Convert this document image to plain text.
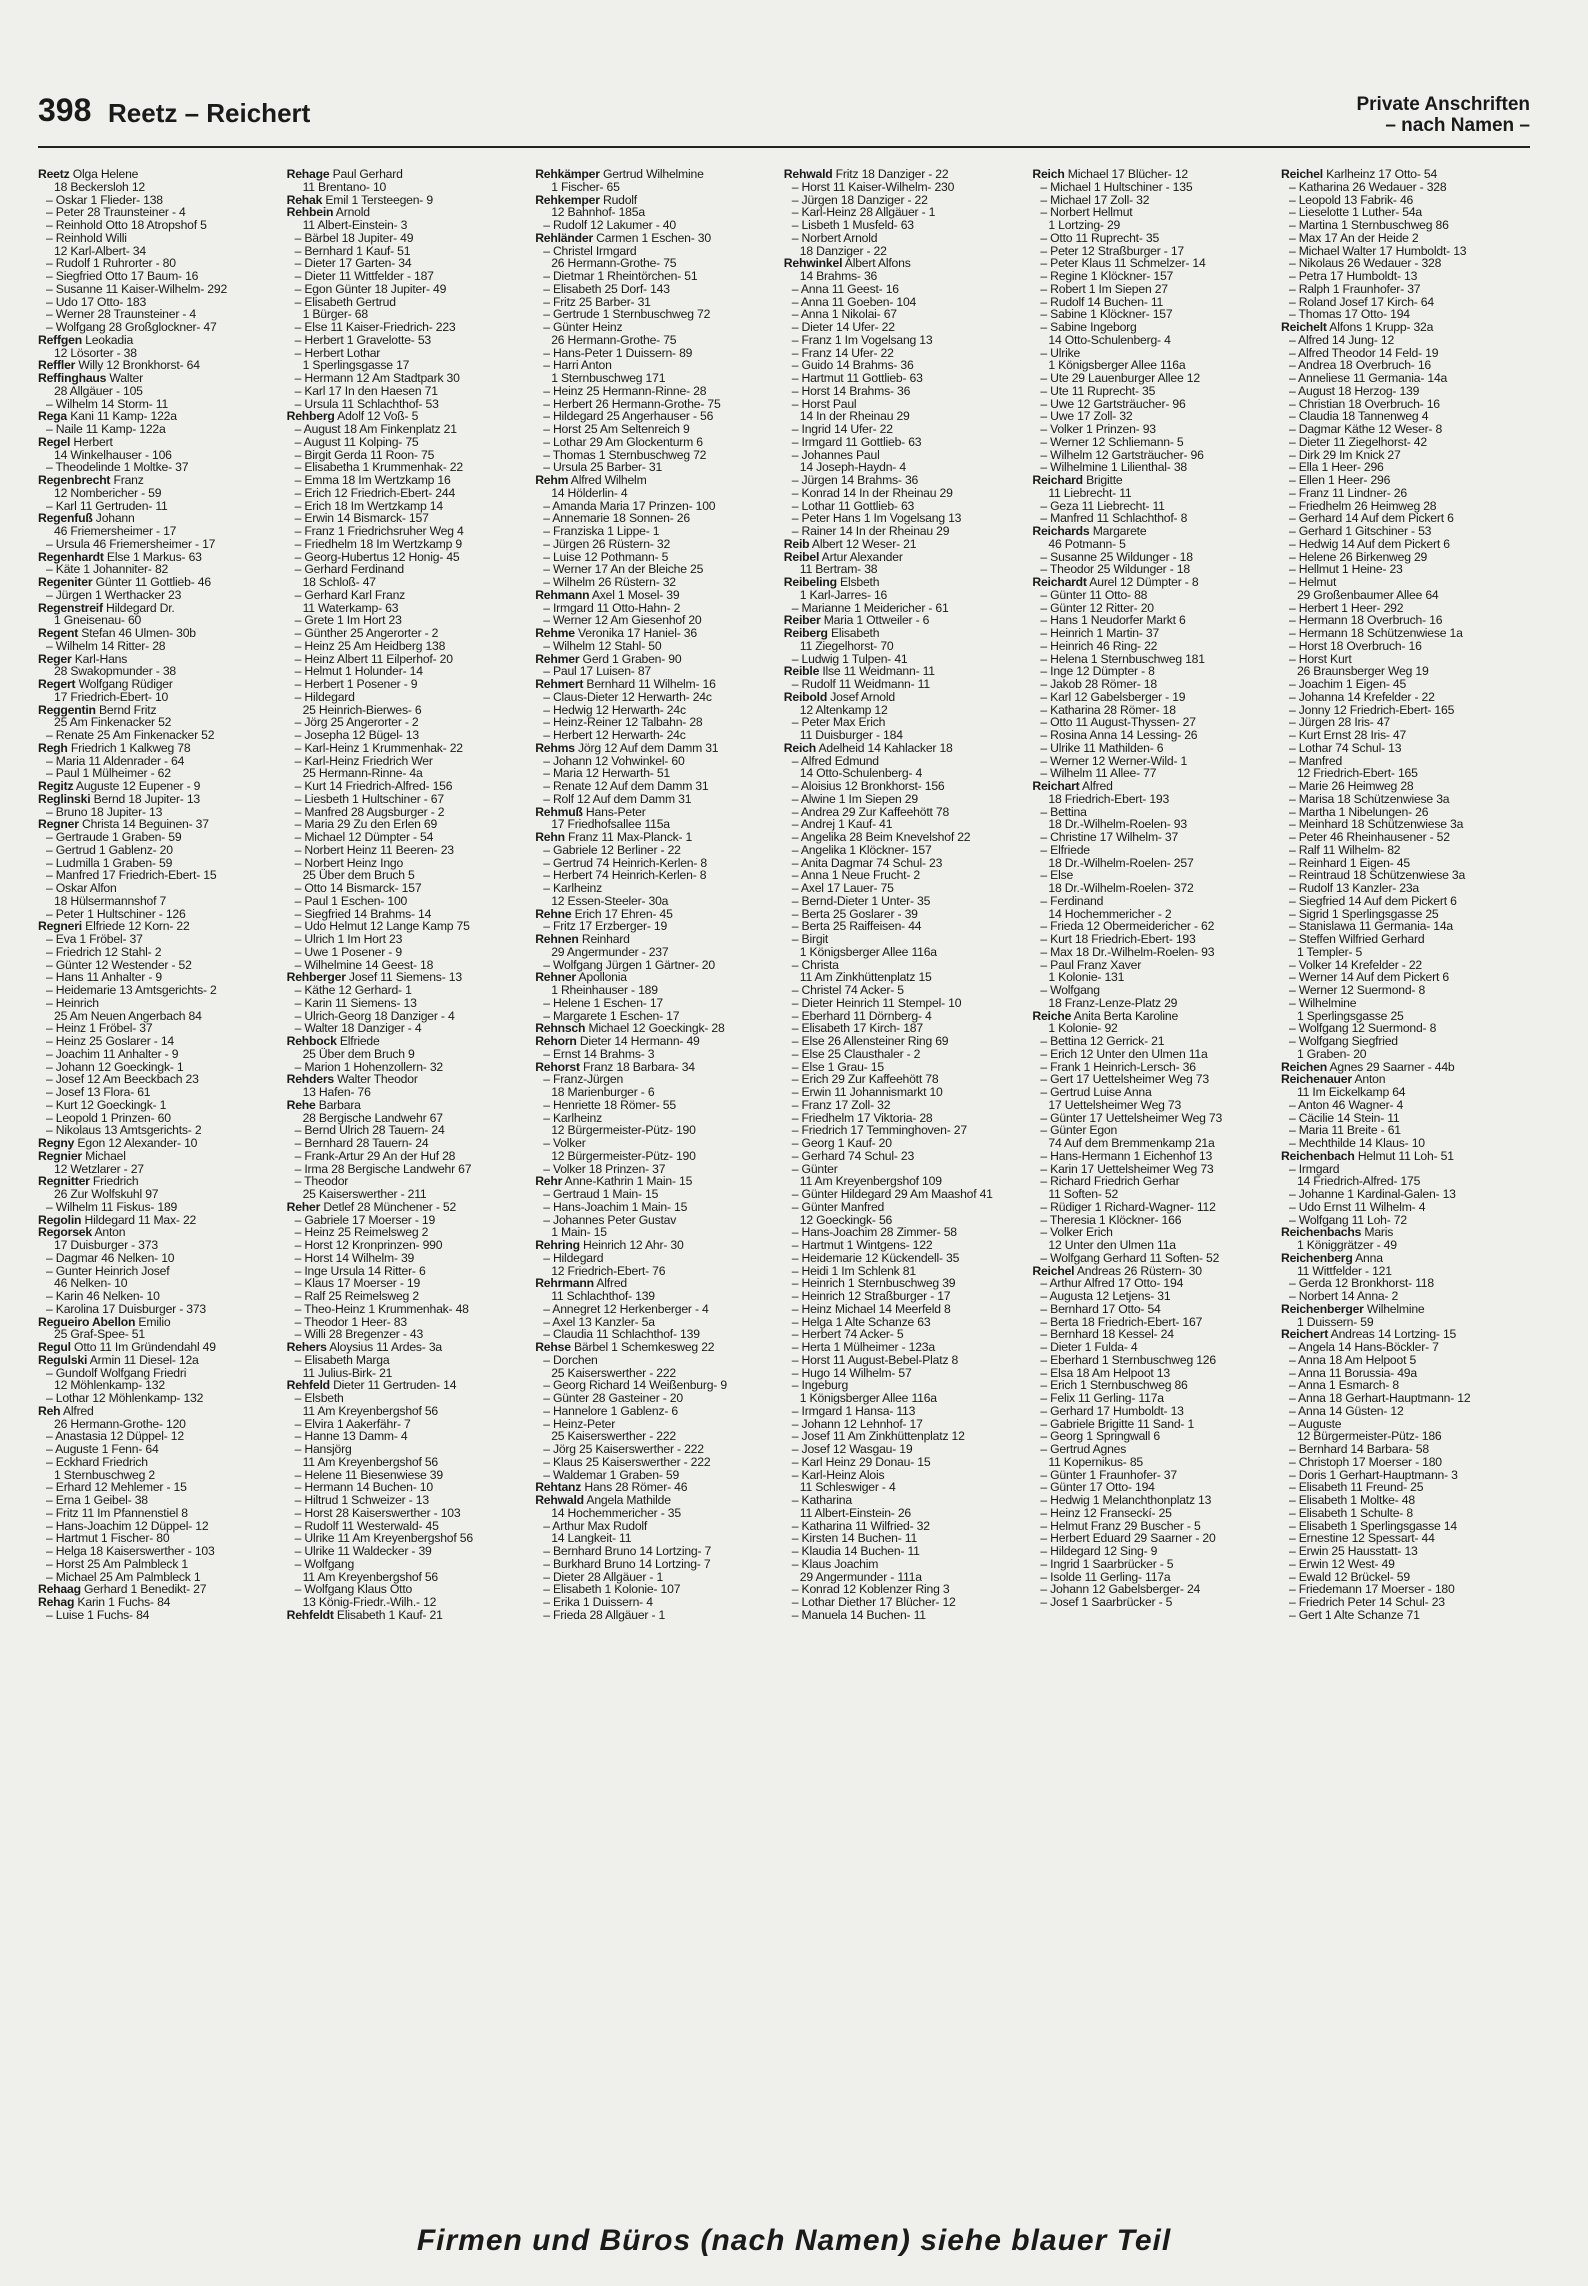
398 Reetz – Reichert	Private Anschriften
– nach Namen –
Reetz Olga Helene
18 Beckersloh 12
– Oskar 1 Flieder- 138
– Peter 28 Traunsteiner - 4
– Reinhold Otto 18 Atropshof 5
– Reinhold Willi
12 Karl-Albert- 34
– Rudolf 1 Ruhrorter - 80
– Siegfried Otto 17 Baum- 16
– Susanne 11 Kaiser-Wilhelm- 292
– Udo 17 Otto- 183
– Werner 28 Traunsteiner - 4
– Wolfgang 28 Großglockner- 47
Reffgen Leokadia
12 Lösorter - 38
Reffler Willy 12 Bronkhorst- 64
Reffinghaus Walter
28 Allgäuer - 105
– Wilhelm 14 Storm- 11
Rega Kani 11 Kamp- 122a
– Naile 11 Kamp- 122a
Regel Herbert
14 Winkelhauser - 106
– Theodelinde 1 Moltke- 37
Regenbrecht Franz
12 Nombericher - 59
– Karl 11 Gertruden- 11
Regenfuß Johann
46 Friemersheimer - 17
– Ursula 46 Friemersheimer - 17
Regenhardt Else 1 Markus- 63
– Käte 1 Johanniter- 82
Regeniter Günter 11 Gottlieb- 46
– Jürgen 1 Werthacker 23
Regenstreif Hildegard Dr.
1 Gneisenau- 60
Regent Stefan 46 Ulmen- 30b
– Wilhelm 14 Ritter- 28
Reger Karl-Hans
28 Swakopmunder - 38
Regert Wolfgang Rüdiger
17 Friedrich-Ebert- 10
Reggentin Bernd Fritz
25 Am Finkenacker 52
– Renate 25 Am Finkenacker 52
Regh Friedrich 1 Kalkweg 78
– Maria 11 Aldenrader - 64
– Paul 1 Mülheimer - 62
Regitz Auguste 12 Eupener - 9
Reglinski Bernd 18 Jupiter- 13
– Bruno 18 Jupiter- 13
Regner Christa 14 Beguinen- 37
– Gertraude 1 Graben- 59
– Gertrud 1 Gablenz- 20
– Ludmilla 1 Graben- 59
– Manfred 17 Friedrich-Ebert- 15
– Oskar Alfon
18 Hülsermannshof 7
– Peter 1 Hultschiner - 126
Regneri Elfriede 12 Korn- 22
– Eva 1 Fröbel- 37
– Friedrich 12 Stahl- 2
– Günter 12 Westender - 52
– Hans 11 Anhalter - 9
– Heidemarie 13 Amtsgerichts- 2
– Heinrich
25 Am Neuen Angerbach 84
– Heinz 1 Fröbel- 37
– Heinz 25 Goslarer - 14
– Joachim 11 Anhalter - 9
– Johann 12 Goeckingk- 1
– Josef 12 Am Beeckbach 23
– Josef 13 Flora- 61
– Kurt 12 Goeckingk- 1
– Leopold 1 Prinzen- 60
– Nikolaus 13 Amtsgerichts- 2
Regny Egon 12 Alexander- 10
Regnier Michael
12 Wetzlarer - 27
Regnitter Friedrich
26 Zur Wolfskuhl 97
– Wilhelm 11 Fiskus- 189
Regolin Hildegard 11 Max- 22
Regorsek Anton
17 Duisburger - 373
– Dagmar 46 Nelken- 10
– Gunter Heinrich Josef
46 Nelken- 10
– Karin 46 Nelken- 10
– Karolina 17 Duisburger - 373
Regueiro Abellon Emilio
25 Graf-Spee- 51
Regul Otto 11 Im Gründendahl 49
Regulski Armin 11 Diesel- 12a
– Gundolf Wolfgang Friedri
12 Möhlenkamp- 132
– Lothar 12 Möhlenkamp- 132
Reh Alfred
26 Hermann-Grothe- 120
– Anastasia 12 Düppel- 12
– Auguste 1 Fenn- 64
– Eckhard Friedrich
1 Sternbuschweg 2
– Erhard 12 Mehlemer - 15
– Erna 1 Geibel- 38
– Fritz 11 Im Pfannenstiel 8
– Hans-Joachim 12 Düppel- 12
– Hartmut 1 Fischer- 80
– Helga 18 Kaiserswerther - 103
– Horst 25 Am Palmbleck 1
– Michael 25 Am Palmbleck 1
Rehaag Gerhard 1 Benedikt- 27
Rehag Karin 1 Fuchs- 84
– Luise 1 Fuchs- 84
Rehage Paul Gerhard
11 Brentano- 10
Rehak Emil 1 Tersteegen- 9
Rehbein Arnold
11 Albert-Einstein- 3
– Bärbel 18 Jupiter- 49
– Bernhard 1 Kauf- 51
– Dieter 17 Garten- 34
– Dieter 11 Wittfelder - 187
– Egon Günter 18 Jupiter- 49
– Elisabeth Gertrud
1 Bürger- 68
– Else 11 Kaiser-Friedrich- 223
– Herbert 1 Gravelotte- 53
– Herbert Lothar
1 Sperlingsgasse 17
– Hermann 12 Am Stadtpark 30
– Karl 17 In den Haesen 71
– Ursula 11 Schlachthof- 53
Rehberg Adolf 12 Voß- 5
– August 18 Am Finkenplatz 21
– August 11 Kolping- 75
– Birgit Gerda 11 Roon- 75
– Elisabetha 1 Krummenhak- 22
– Emma 18 Im Wertzkamp 16
– Erich 12 Friedrich-Ebert- 244
– Erich 18 Im Wertzkamp 14
– Erwin 14 Bismarck- 157
– Franz 1 Friedrichsruher Weg 4
– Friedhelm 18 Im Wertzkamp 9
– Georg-Hubertus 12 Honig- 45
– Gerhard Ferdinand
18 Schloß- 47
– Gerhard Karl Franz
11 Waterkamp- 63
– Grete 1 Im Hort 23
– Günther 25 Angerorter - 2
– Heinz 25 Am Heidberg 138
– Heinz Albert 11 Eilperhof- 20
– Helmut 1 Holunder- 14
– Herbert 1 Posener - 9
– Hildegard
25 Heinrich-Bierwes- 6
– Jörg 25 Angerorter - 2
– Josepha 12 Bügel- 13
– Karl-Heinz 1 Krummenhak- 22
– Karl-Heinz Friedrich Wer
25 Hermann-Rinne- 4a
– Kurt 14 Friedrich-Alfred- 156
– Liesbeth 1 Hultschiner - 67
– Manfred 28 Augsburger - 2
– Maria 29 Zu den Erlen 69
– Michael 12 Dümpter - 54
– Norbert Heinz 11 Beeren- 23
– Norbert Heinz Ingo
25 Über dem Bruch 5
– Otto 14 Bismarck- 157
– Paul 1 Eschen- 100
– Siegfried 14 Brahms- 14
– Udo Helmut 12 Lange Kamp 75
– Ulrich 1 Im Hort 23
– Uwe 1 Posener - 9
– Wilhelmine 14 Geest- 18
Rehberger Josef 11 Siemens- 13
– Käthe 12 Gerhard- 1
– Karin 11 Siemens- 13
– Ulrich-Georg 18 Danziger - 4
– Walter 18 Danziger - 4
Rehbock Elfriede
25 Über dem Bruch 9
– Marion 1 Hohenzollern- 32
Rehders Walter Theodor
13 Hafen- 76
Rehe Barbara
28 Bergische Landwehr 67
– Bernd Ulrich 28 Tauern- 24
– Bernhard 28 Tauern- 24
– Frank-Artur 29 An der Huf 28
– Irma 28 Bergische Landwehr 67
– Theodor
25 Kaiserswerther - 211
Reher Detlef 28 Münchener - 52
– Gabriele 17 Moerser - 19
– Heinz 25 Reimelsweg 2
– Horst 12 Kronprinzen- 990
– Horst 14 Wilhelm- 39
– Inge Ursula 14 Ritter- 6
– Klaus 17 Moerser - 19
– Ralf 25 Reimelsweg 2
– Theo-Heinz 1 Krummenhak- 48
– Theodor 1 Heer- 83
– Willi 28 Bregenzer - 43
Rehers Aloysius 11 Ardes- 3a
– Elisabeth Marga
11 Julius-Birk- 21
Rehfeld Dieter 11 Gertruden- 14
– Elsbeth
11 Am Kreyenbergshof 56
– Elvira 1 Aakerfähr- 7
– Hanne 13 Damm- 4
– Hansjörg
11 Am Kreyenbergshof 56
– Helene 11 Biesenwiese 39
– Hermann 14 Buchen- 10
– Hiltrud 1 Schweizer - 13
– Horst 28 Kaiserswerther - 103
– Rudolf 11 Westerwald- 45
– Ulrike 11 Am Kreyenbergshof 56
– Ulrike 11 Waldecker - 39
– Wolfgang
11 Am Kreyenbergshof 56
– Wolfgang Klaus Otto
13 König-Friedr.-Wilh.- 12
Rehfeldt Elisabeth 1 Kauf- 21
Rehkämper Gertrud Wilhelmine
1 Fischer- 65
Rehkemper Rudolf
12 Bahnhof- 185a
– Rudolf 12 Lakumer - 40
Rehländer Carmen 1 Eschen- 30
– Christel Irmgard
26 Hermann-Grothe- 75
– Dietmar 1 Rheintörchen- 51
– Elisabeth 25 Dorf- 143
– Fritz 25 Barber- 31
– Gertrude 1 Sternbuschweg 72
– Günter Heinz
26 Hermann-Grothe- 75
– Hans-Peter 1 Duissern- 89
– Harri Anton
1 Sternbuschweg 171
– Heinz 25 Hermann-Rinne- 28
– Herbert 26 Hermann-Grothe- 75
– Hildegard 25 Angerhauser - 56
– Horst 25 Am Seltenreich 9
– Lothar 29 Am Glockenturm 6
– Thomas 1 Sternbuschweg 72
– Ursula 25 Barber- 31
Rehm Alfred Wilhelm
14 Hölderlin- 4
– Amanda Maria 17 Prinzen- 100
– Annemarie 18 Sonnen- 26
– Franziska 1 Lippe- 1
– Jürgen 26 Rüstern- 32
– Luise 12 Pothmann- 5
– Werner 17 An der Bleiche 25
– Wilhelm 26 Rüstern- 32
Rehmann Axel 1 Mosel- 39
– Irmgard 11 Otto-Hahn- 2
– Werner 12 Am Giesenhof 20
Rehme Veronika 17 Haniel- 36
– Wilhelm 12 Stahl- 50
Rehmer Gerd 1 Graben- 90
– Paul 17 Luisen- 87
Rehmert Bernhard 11 Wilhelm- 16
– Claus-Dieter 12 Herwarth- 24c
– Hedwig 12 Herwarth- 24c
– Heinz-Reiner 12 Talbahn- 28
– Herbert 12 Herwarth- 24c
Rehms Jörg 12 Auf dem Damm 31
– Johann 12 Vohwinkel- 60
– Maria 12 Herwarth- 51
– Renate 12 Auf dem Damm 31
– Rolf 12 Auf dem Damm 31
Rehmuß Hans-Peter
17 Friedhofsallee 115a
Rehn Franz 11 Max-Planck- 1
– Gabriele 12 Berliner - 22
– Gertrud 74 Heinrich-Kerlen- 8
– Herbert 74 Heinrich-Kerlen- 8
– Karlheinz
12 Essen-Steeler- 30a
Rehne Erich 17 Ehren- 45
– Fritz 17 Erzberger- 19
Rehnen Reinhard
29 Angermunder - 237
– Wolfgang Jürgen 1 Gärtner- 20
Rehner Apollonia
1 Rheinhauser - 189
– Helene 1 Eschen- 17
– Margarete 1 Eschen- 17
Rehnsch Michael 12 Goeckingk- 28
Rehorn Dieter 14 Hermann- 49
– Ernst 14 Brahms- 3
Rehorst Franz 18 Barbara- 34
– Franz-Jürgen
18 Marienburger - 6
– Henriette 18 Römer- 55
– Karlheinz
12 Bürgermeister-Pütz- 190
– Volker
12 Bürgermeister-Pütz- 190
– Volker 18 Prinzen- 37
Rehr Anne-Kathrin 1 Main- 15
– Gertraud 1 Main- 15
– Hans-Joachim 1 Main- 15
– Johannes Peter Gustav
1 Main- 15
Rehring Heinrich 12 Ahr- 30
– Hildegard
12 Friedrich-Ebert- 76
Rehrmann Alfred
11 Schlachthof- 139
– Annegret 12 Herkenberger - 4
– Axel 13 Kanzler- 5a
– Claudia 11 Schlachthof- 139
Rehse Bärbel 1 Schemkesweg 22
– Dorchen
25 Kaiserswerther - 222
– Georg Richard 14 Weißenburg- 9
– Günter 28 Gasteiner - 20
– Hannelore 1 Gablenz- 6
– Heinz-Peter
25 Kaiserswerther - 222
– Jörg 25 Kaiserswerther - 222
– Klaus 25 Kaiserswerther - 222
– Waldemar 1 Graben- 59
Rehtanz Hans 28 Römer- 46
Rehwald Angela Mathilde
14 Hochemmericher - 35
– Arthur Max Rudolf
14 Langkeit- 11
– Bernhard Bruno 14 Lortzing- 7
– Burkhard Bruno 14 Lortzing- 7
– Dieter 28 Allgäuer - 1
– Elisabeth 1 Kolonie- 107
– Erika 1 Duissern- 4
– Frieda 28 Allgäuer - 1
Rehwald Fritz 18 Danziger - 22
– Horst 11 Kaiser-Wilhelm- 230
– Jürgen 18 Danziger - 22
– Karl-Heinz 28 Allgäuer - 1
– Lisbeth 1 Musfeld- 63
– Norbert Arnold
18 Danziger - 22
Rehwinkel Albert Alfons
14 Brahms- 36
– Anna 11 Geest- 16
– Anna 11 Goeben- 104
– Anna 1 Nikolai- 67
– Dieter 14 Ufer- 22
– Franz 1 Im Vogelsang 13
– Franz 14 Ufer- 22
– Guido 14 Brahms- 36
– Hartmut 11 Gottlieb- 63
– Horst 14 Brahms- 36
– Horst Paul
14 In der Rheinau 29
– Ingrid 14 Ufer- 22
– Irmgard 11 Gottlieb- 63
– Johannes Paul
14 Joseph-Haydn- 4
– Jürgen 14 Brahms- 36
– Konrad 14 In der Rheinau 29
– Lothar 11 Gottlieb- 63
– Peter Hans 1 Im Vogelsang 13
– Rainer 14 In der Rheinau 29
Reib Albert 12 Weser- 21
Reibel Artur Alexander
11 Bertram- 38
Reibeling Elsbeth
1 Karl-Jarres- 16
– Marianne 1 Meidericher - 61
Reiber Maria 1 Ottweiler - 6
Reiberg Elisabeth
11 Ziegelhorst- 70
– Ludwig 1 Tulpen- 41
Reible Ilse 11 Weidmann- 11
– Rudolf 11 Weidmann- 11
Reibold Josef Arnold
12 Altenkamp 12
– Peter Max Erich
11 Duisburger - 184
Reich Adelheid 14 Kahlacker 18
– Alfred Edmund
14 Otto-Schulenberg- 4
– Aloisius 12 Bronkhorst- 156
– Alwine 1 Im Siepen 29
– Andrea 29 Zur Kaffeehött 78
– Andrej 1 Kauf- 41
– Angelika 28 Beim Knevelshof 22
– Angelika 1 Klöckner- 157
– Anita Dagmar 74 Schul- 23
– Anna 1 Neue Frucht- 2
– Axel 17 Lauer- 75
– Bernd-Dieter 1 Unter- 35
– Berta 25 Goslarer - 39
– Berta 25 Raiffeisen- 44
– Birgit
1 Königsberger Allee 116a
– Christa
11 Am Zinkhüttenplatz 15
– Christel 74 Acker- 5
– Dieter Heinrich 11 Stempel- 10
– Eberhard 11 Dörnberg- 4
– Elisabeth 17 Kirch- 187
– Else 26 Allensteiner Ring 69
– Else 25 Clausthaler - 2
– Else 1 Grau- 15
– Erich 29 Zur Kaffeehött 78
– Erwin 11 Johannismarkt 10
– Franz 17 Zoll- 32
– Friedhelm 17 Viktoria- 28
– Friedrich 17 Temminghoven- 27
– Georg 1 Kauf- 20
– Gerhard 74 Schul- 23
– Günter
11 Am Kreyenbergshof 109
– Günter Hildegard 29 Am Maashof 41
– Günter Manfred
12 Goeckingk- 56
– Hans-Joachim 28 Zimmer- 58
– Hartmut 1 Wintgens- 122
– Heidemarie 12 Kückendell- 35
– Heidi 1 Im Schlenk 81
– Heinrich 1 Sternbuschweg 39
– Heinrich 12 Straßburger - 17
– Heinz Michael 14 Meerfeld 8
– Helga 1 Alte Schanze 63
– Herbert 74 Acker- 5
– Herta 1 Mülheimer - 123a
– Horst 11 August-Bebel-Platz 8
– Hugo 14 Wilhelm- 57
– Ingeburg
1 Königsberger Allee 116a
– Irmgard 1 Hansa- 113
– Johann 12 Lehnhof- 17
– Josef 11 Am Zinkhüttenplatz 12
– Josef 12 Wasgau- 19
– Karl Heinz 29 Donau- 15
– Karl-Heinz Alois
11 Schleswiger - 4
– Katharina
11 Albert-Einstein- 26
– Katharina 11 Wilfried- 32
– Kirsten 14 Buchen- 11
– Klaudia 14 Buchen- 11
– Klaus Joachim
29 Angermunder - 111a
– Konrad 12 Koblenzer Ring 3
– Lothar Diether 17 Blücher- 12
– Manuela 14 Buchen- 11
Reich Michael 17 Blücher- 12
– Michael 1 Hultschiner - 135
– Michael 17 Zoll- 32
– Norbert Hellmut
1 Lortzing- 29
– Otto 11 Ruprecht- 35
– Peter 12 Straßburger - 17
– Peter Klaus 11 Schmelzer- 14
– Regine 1 Klöckner- 157
– Robert 1 Im Siepen 27
– Rudolf 14 Buchen- 11
– Sabine 1 Klöckner- 157
– Sabine Ingeborg
14 Otto-Schulenberg- 4
– Ulrike
1 Königsberger Allee 116a
– Ute 29 Lauenburger Allee 12
– Ute 11 Ruprecht- 35
– Uwe 12 Gartsträucher- 96
– Uwe 17 Zoll- 32
– Volker 1 Prinzen- 93
– Werner 12 Schliemann- 5
– Wilhelm 12 Gartsträucher- 96
– Wilhelmine 1 Lilienthal- 38
Reichard Brigitte
11 Liebrecht- 11
– Geza 11 Liebrecht- 11
– Manfred 11 Schlachthof- 8
Reichards Margarete
46 Potmann- 5
– Susanne 25 Wildunger - 18
– Theodor 25 Wildunger - 18
Reichardt Aurel 12 Dümpter - 8
– Günter 11 Otto- 88
– Günter 12 Ritter- 20
– Hans 1 Neudorfer Markt 6
– Heinrich 1 Martin- 37
– Heinrich 46 Ring- 22
– Helena 1 Sternbuschweg 181
– Inge 12 Dümpter - 8
– Jakob 28 Römer- 18
– Karl 12 Gabelsberger - 19
– Katharina 28 Römer- 18
– Otto 11 August-Thyssen- 27
– Rosina Anna 14 Lessing- 26
– Ulrike 11 Mathilden- 6
– Werner 12 Werner-Wild- 1
– Wilhelm 11 Allee- 77
Reichart Alfred
18 Friedrich-Ebert- 193
– Bettina
18 Dr.-Wilhelm-Roelen- 93
– Christine 17 Wilhelm- 37
– Elfriede
18 Dr.-Wilhelm-Roelen- 257
– Else
18 Dr.-Wilhelm-Roelen- 372
– Ferdinand
14 Hochemmericher - 2
– Frieda 12 Obermeidericher - 62
– Kurt 18 Friedrich-Ebert- 193
– Max 18 Dr.-Wilhelm-Roelen- 93
– Paul Franz Xaver
1 Kolonie- 131
– Wolfgang
18 Franz-Lenze-Platz 29
Reiche Anita Berta Karoline
1 Kolonie- 92
– Bettina 12 Gerrick- 21
– Erich 12 Unter den Ulmen 11a
– Frank 1 Heinrich-Lersch- 36
– Gert 17 Uettelsheimer Weg 73
– Gertrud Luise Anna
17 Uettelsheimer Weg 73
– Günter 17 Uettelsheimer Weg 73
– Günter Egon
74 Auf dem Bremmenkamp 21a
– Hans-Hermann 1 Eichenhof 13
– Karin 17 Uettelsheimer Weg 73
– Richard Friedrich Gerhar
11 Soften- 52
– Rüdiger 1 Richard-Wagner- 112
– Theresia 1 Klöckner- 166
– Volker Erich
12 Unter den Ulmen 11a
– Wolfgang Gerhard 11 Soften- 52
Reichel Andreas 26 Rüstern- 30
– Arthur Alfred 17 Otto- 194
– Augusta 12 Letjens- 31
– Bernhard 17 Otto- 54
– Berta 18 Friedrich-Ebert- 167
– Bernhard 18 Kessel- 24
– Dieter 1 Fulda- 4
– Eberhard 1 Sternbuschweg 126
– Elsa 18 Am Helpoot 13
– Erich 1 Sternbuschweg 86
– Felix 11 Gerling- 117a
– Gerhard 17 Humboldt- 13
– Gabriele Brigitte 11 Sand- 1
– Georg 1 Springwall 6
– Gertrud Agnes
11 Kopernikus- 85
– Günter 1 Fraunhofer- 37
– Günter 17 Otto- 194
– Hedwig 1 Melanchthonplatz 13
– Heinz 12 Franseckí- 25
– Helmut Franz 29 Buscher - 5
– Herbert Eduard 29 Saarner - 20
– Hildegard 12 Sing- 9
– Ingrid 1 Saarbrücker - 5
– Isolde 11 Gerling- 117a
– Johann 12 Gabelsberger- 24
– Josef 1 Saarbrücker - 5
Reichel Karlheinz 17 Otto- 54
– Katharina 26 Wedauer - 328
– Leopold 13 Fabrik- 46
– Lieselotte 1 Luther- 54a
– Martina 1 Sternbuschweg 86
– Max 17 An der Heide 2
– Michael Walter 17 Humboldt- 13
– Nikolaus 26 Wedauer - 328
– Petra 17 Humboldt- 13
– Ralph 1 Fraunhofer- 37
– Roland Josef 17 Kirch- 64
– Thomas 17 Otto- 194
Reichelt Alfons 1 Krupp- 32a
– Alfred 14 Jung- 12
– Alfred Theodor 14 Feld- 19
– Andrea 18 Overbruch- 16
– Anneliese 11 Germania- 14a
– August 18 Herzog- 139
– Christian 18 Overbruch- 16
– Claudia 18 Tannenweg 4
– Dagmar Käthe 12 Weser- 8
– Dieter 11 Ziegelhorst- 42
– Dirk 29 Im Knick 27
– Ella 1 Heer- 296
– Ellen 1 Heer- 296
– Franz 11 Lindner- 26
– Friedhelm 26 Heimweg 28
– Gerhard 14 Auf dem Pickert 6
– Gerhard 1 Gitschiner - 53
– Hedwig 14 Auf dem Pickert 6
– Helene 26 Birkenweg 29
– Hellmut 1 Heine- 23
– Helmut
29 Großenbaumer Allee 64
– Herbert 1 Heer- 292
– Hermann 18 Overbruch- 16
– Hermann 18 Schützenwiese 1a
– Horst 18 Overbruch- 16
– Horst Kurt
26 Braunsberger Weg 19
– Joachim 1 Eigen- 45
– Johanna 14 Krefelder - 22
– Jonny 12 Friedrich-Ebert- 165
– Jürgen 28 Iris- 47
– Kurt Ernst 28 Iris- 47
– Lothar 74 Schul- 13
– Manfred
12 Friedrich-Ebert- 165
– Marie 26 Heimweg 28
– Marisa 18 Schützenwiese 3a
– Martha 1 Nibelungen- 26
– Meinhard 18 Schützenwiese 3a
– Peter 46 Rheinhausener - 52
– Ralf 11 Wilhelm- 82
– Reinhard 1 Eigen- 45
– Reintraud 18 Schützenwiese 3a
– Rudolf 13 Kanzler- 23a
– Siegfried 14 Auf dem Pickert 6
– Sigrid 1 Sperlingsgasse 25
– Stanislawa 11 Germania- 14a
– Steffen Wilfried Gerhard
1 Templer- 5
– Volker 14 Krefelder - 22
– Werner 14 Auf dem Pickert 6
– Werner 12 Suermond- 8
– Wilhelmine
1 Sperlingsgasse 25
– Wolfgang 12 Suermond- 8
– Wolfgang Siegfried
1 Graben- 20
Reichen Agnes 29 Saarner - 44b
Reichenauer Anton
11 Im Eickelkamp 64
– Anton 46 Wagner- 4
– Cäcilie 14 Stein- 11
– Maria 11 Breite - 61
– Mechthilde 14 Klaus- 10
Reichenbach Helmut 11 Loh- 51
– Irmgard
14 Friedrich-Alfred- 175
– Johanne 1 Kardinal-Galen- 13
– Udo Ernst 11 Wilhelm- 4
– Wolfgang 11 Loh- 72
Reichenbachs Maris
1 Königgrätzer - 49
Reichenberg Anna
11 Wittfelder - 121
– Gerda 12 Bronkhorst- 118
– Norbert 14 Anna- 2
Reichenberger Wilhelmine
1 Duissern- 59
Reichert Andreas 14 Lortzing- 15
– Angela 14 Hans-Böckler- 7
– Anna 18 Am Helpoot 5
– Anna 11 Borussia- 49a
– Anna 1 Esmarch- 8
– Anna 18 Gerhart-Hauptmann- 12
– Anna 14 Güsten- 12
– Auguste
12 Bürgermeister-Pütz- 186
– Bernhard 14 Barbara- 58
– Christoph 17 Moerser - 180
– Doris 1 Gerhart-Hauptmann- 3
– Elisabeth 11 Freund- 25
– Elisabeth 1 Moltke- 48
– Elisabeth 1 Schulte- 8
– Elisabeth 1 Sperlingsgasse 14
– Ernestine 12 Spessart- 44
– Erwin 25 Hausstatt- 13
– Erwin 12 West- 49
– Ewald 12 Brückel- 59
– Friedemann 17 Moerser - 180
– Friedrich Peter 14 Schul- 23
– Gert 1 Alte Schanze 71
Firmen und Büros (nach Namen) siehe blauer Teil
